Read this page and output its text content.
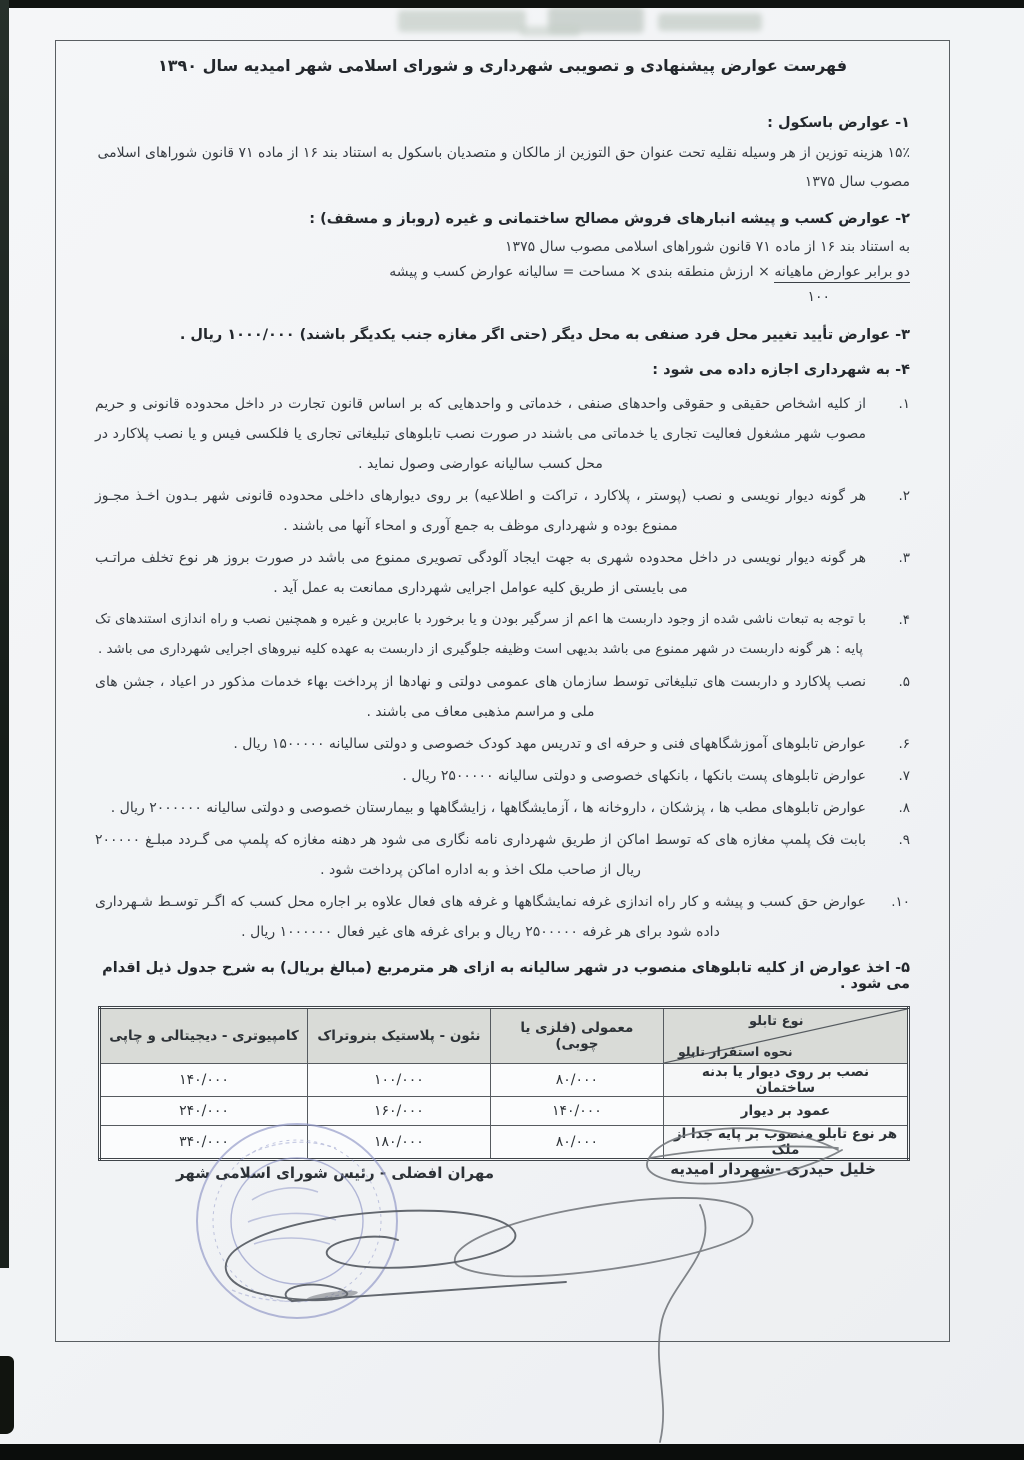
فهرست عوارض پیشنهادی و تصویبی شهرداری و شورای اسلامی شهر امیدیه سال ۱۳۹۰
۱- عوارض باسکول :
۱۵٪ هزینه توزین از هر وسیله نقلیه تحت عنوان حق التوزین از مالکان و متصدیان باسکول به استناد بند ۱۶ از ماده ۷۱ قانون شوراهای اسلامی
مصوب سال ۱۳۷۵
۲- عوارض کسب و پیشه انبارهای فروش مصالح ساختمانی و غیره (روباز و مسقف) :
به استناد بند ۱۶ از ماده ۷۱ قانون شوراهای اسلامی مصوب سال ۱۳۷۵
دو برابر عوارض ماهیانه × ارزش منطقه بندی × مساحت = سالیانه عوارض کسب و پیشه
۱۰۰
۳- عوارض تأیید تغییر محل فرد صنفی به محل دیگر (حتی اگر مغازه جنب یکدیگر باشند) ۱۰۰۰/۰۰۰ ریال .
۴- به شهرداری اجازه داده می شود :
۱.
از کلیه اشخاص حقیقی و حقوقی واحدهای صنفی ، خدماتی و واحدهایی که بر اساس قانون تجارت در داخل محدوده قانونی و حریم مصوب شهر مشغول فعالیت تجاری یا خدماتی می باشند در صورت نصب تابلوهای تبلیغاتی تجاری یا فلکسی فیس و یا نصب پلاکارد در محل کسب سالیانه عوارضی وصول نماید .
۲.
هر گونه دیوار نویسی و نصب (پوستر ، پلاکارد ، تراکت و اطلاعیه) بر روی دیوارهای داخلی محدوده قانونی شهر بـدون اخـذ مجـوز ممنوع بوده و شهرداری موظف به جمع آوری و امحاء آنها می باشند .
۳.
هر گونه دیوار نویسی در داخل محدوده شهری به جهت ایجاد آلودگی تصویری ممنوع می باشد در صورت بروز هر نوع تخلف مراتـب می بایستی از طریق کلیه عوامل اجرایی شهرداری ممانعت به عمل آید .
۴.
با توجه به تبعات ناشی شده از وجود داربست ها اعم از سرگیر بودن و یا برخورد با عابرین و غیره و همچنین نصب و راه اندازی استندهای تک پایه : هر گونه داربست در شهر ممنوع می باشد بدیهی است وظیفه جلوگیری از داربست به عهده کلیه نیروهای اجرایی شهرداری می باشد .
۵.
نصب پلاکارد و داربست های تبلیغاتی توسط سازمان های عمومی دولتی و نهادها از پرداخت بهاء خدمات مذکور در اعیاد ، جشن های ملی و مراسم مذهبی معاف می باشند .
۶.
عوارض تابلوهای آموزشگاههای فنی و حرفه ای و تدریس مهد کودک خصوصی و دولتی سالیانه ۱۵۰۰۰۰۰ ریال .
۷.
عوارض تابلوهای پست بانکها ، بانکهای خصوصی و دولتی سالیانه ۲۵۰۰۰۰۰ ریال .
۸.
عوارض تابلوهای مطب ها ، پزشکان ، داروخانه ها ، آزمایشگاهها ، زایشگاهها و بیمارستان خصوصی و دولتی سالیانه ۲۰۰۰۰۰۰ ریال .
۹.
بابت فک پلمپ مغازه های که توسط اماکن از طریق شهرداری نامه نگاری می شود هر دهنه مغازه که پلمپ می گـردد مبلـغ ۲۰۰۰۰۰ ریال از صاحب ملک اخذ و به اداره اماکن پرداخت شود .
۱۰.
عوارض حق کسب و پیشه و کار راه اندازی غرفه نمایشگاهها و غرفه های فعال علاوه بر اجاره محل کسب که اگـر توسـط شـهرداری داده شود برای هر غرفه ۲۵۰۰۰۰۰ ریال و برای غرفه های غیر فعال ۱۰۰۰۰۰۰ ریال .
۵- اخذ عوارض از کلیه تابلوهای منصوب در شهر سالیانه به ازای هر مترمربع (مبالغ بریال) به شرح جدول ذیل اقدام می شود .
نوع تابلو
نحوه استقرار تابلو	معمولی (فلزی یا چوبی)	نئون - پلاستیک بنروتراک	کامپیوتری - دیجیتالی و چاپی
نصب بر روی دیوار یا بدنه ساختمان	۸۰/۰۰۰	۱۰۰/۰۰۰	۱۴۰/۰۰۰
عمود بر دیوار	۱۴۰/۰۰۰	۱۶۰/۰۰۰	۲۴۰/۰۰۰
هر نوع تابلو منصوب بر پایه جدا از ملک	۸۰/۰۰۰	۱۸۰/۰۰۰	۳۴۰/۰۰۰
خلیل حیدری -شهردار امیدیه
مهران افضلی - رئیس شورای اسلامی شهر
